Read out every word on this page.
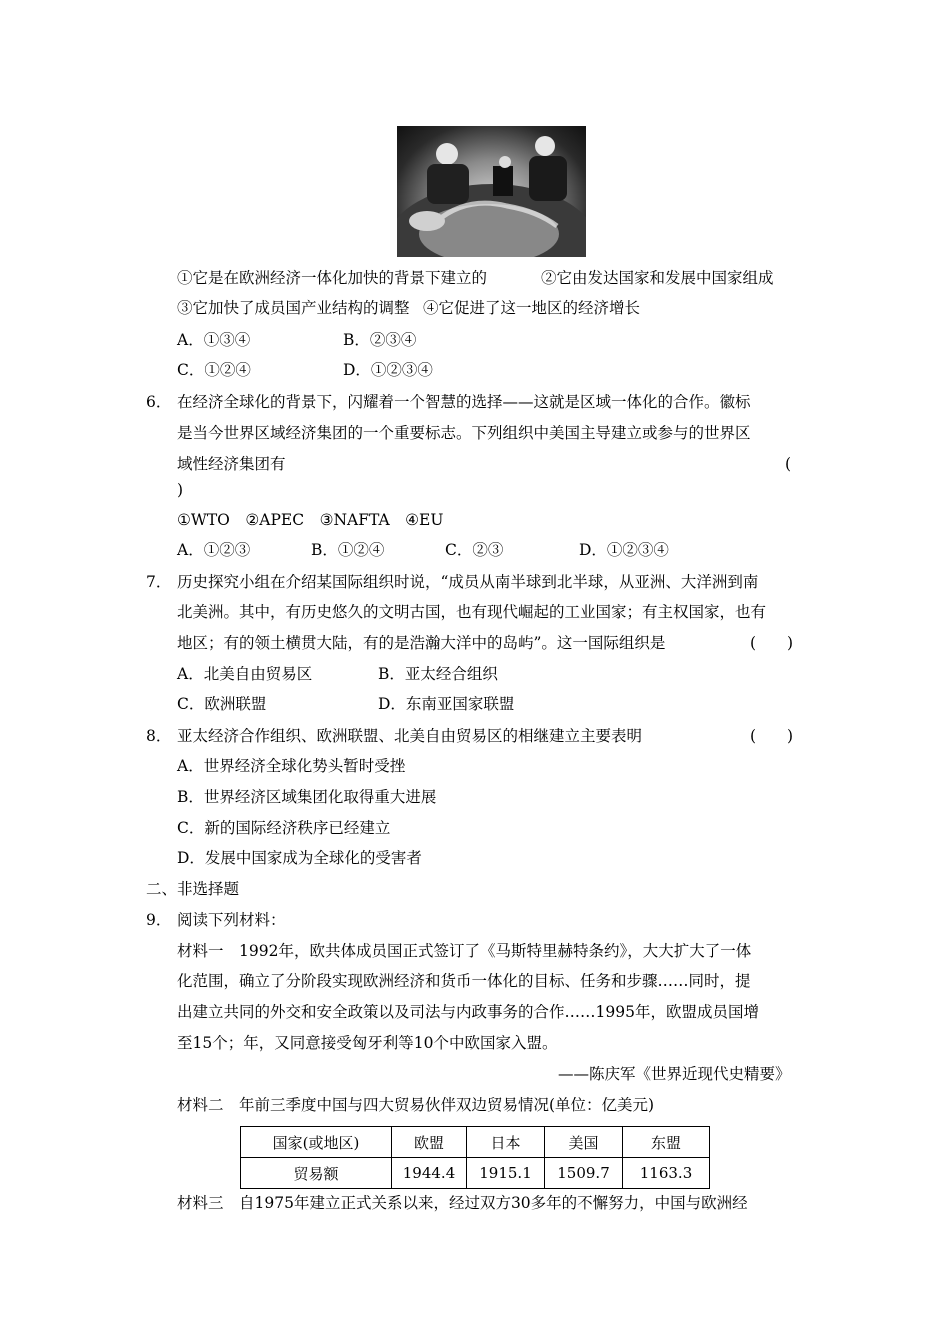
①它是在欧洲经济一体化加快的背景下建立的	②它由发达国家和发展中国家组成
③它加快了成员国产业结构的调整 ④它促进了这一地区的经济增长
A．①③④	B．②③④
C．①②④	D．①②③④
6． 在经济全球化的背景下，闪耀着一个智慧的选择——这就是区域一体化的合作。徽标
是当今世界区域经济集团的一个重要标志。下列组织中美国主导建立或参与的世界区
域性经济集团有	(
)
①WTO　②APEC　③NAFTA　④EU
A．①②③	B．①②④	C．②③	D．①②③④
7． 历史探究小组在介绍某国际组织时说，“成员从南半球到北半球，从亚洲、大洋洲到南
北美洲。其中，有历史悠久的文明古国，也有现代崛起的工业国家；有主权国家，也有
地区；有的领土横贯大陆，有的是浩瀚大洋中的岛屿”。这一国际组织是	(　　)
A．北美自由贸易区	B．亚太经合组织
C．欧洲联盟	D．东南亚国家联盟
8． 亚太经济合作组织、欧洲联盟、北美自由贸易区的相继建立主要表明	(　　)
A．世界经济全球化势头暂时受挫
B．世界经济区域集团化取得重大进展
C．新的国际经济秩序已经建立
D．发展中国家成为全球化的受害者
二、非选择题
9． 阅读下列材料：
材料一　1992年，欧共体成员国正式签订了《马斯特里赫特条约》，大大扩大了一体
化范围，确立了分阶段实现欧洲经济和货币一体化的目标、任务和步骤……同时，提
出建立共同的外交和安全政策以及司法与内政事务的合作……1995年，欧盟成员国增
至15个；年，又同意接受匈牙利等10个中欧国家入盟。
——陈庆军《世界近现代史精要》
材料二　年前三季度中国与四大贸易伙伴双边贸易情况(单位：亿美元)
国家(或地区)	欧盟	日本	美国	东盟
贸易额	1944.4	1915.1	1509.7	1163.3
材料三　自1975年建立正式关系以来，经过双方30多年的不懈努力，中国与欧洲经
